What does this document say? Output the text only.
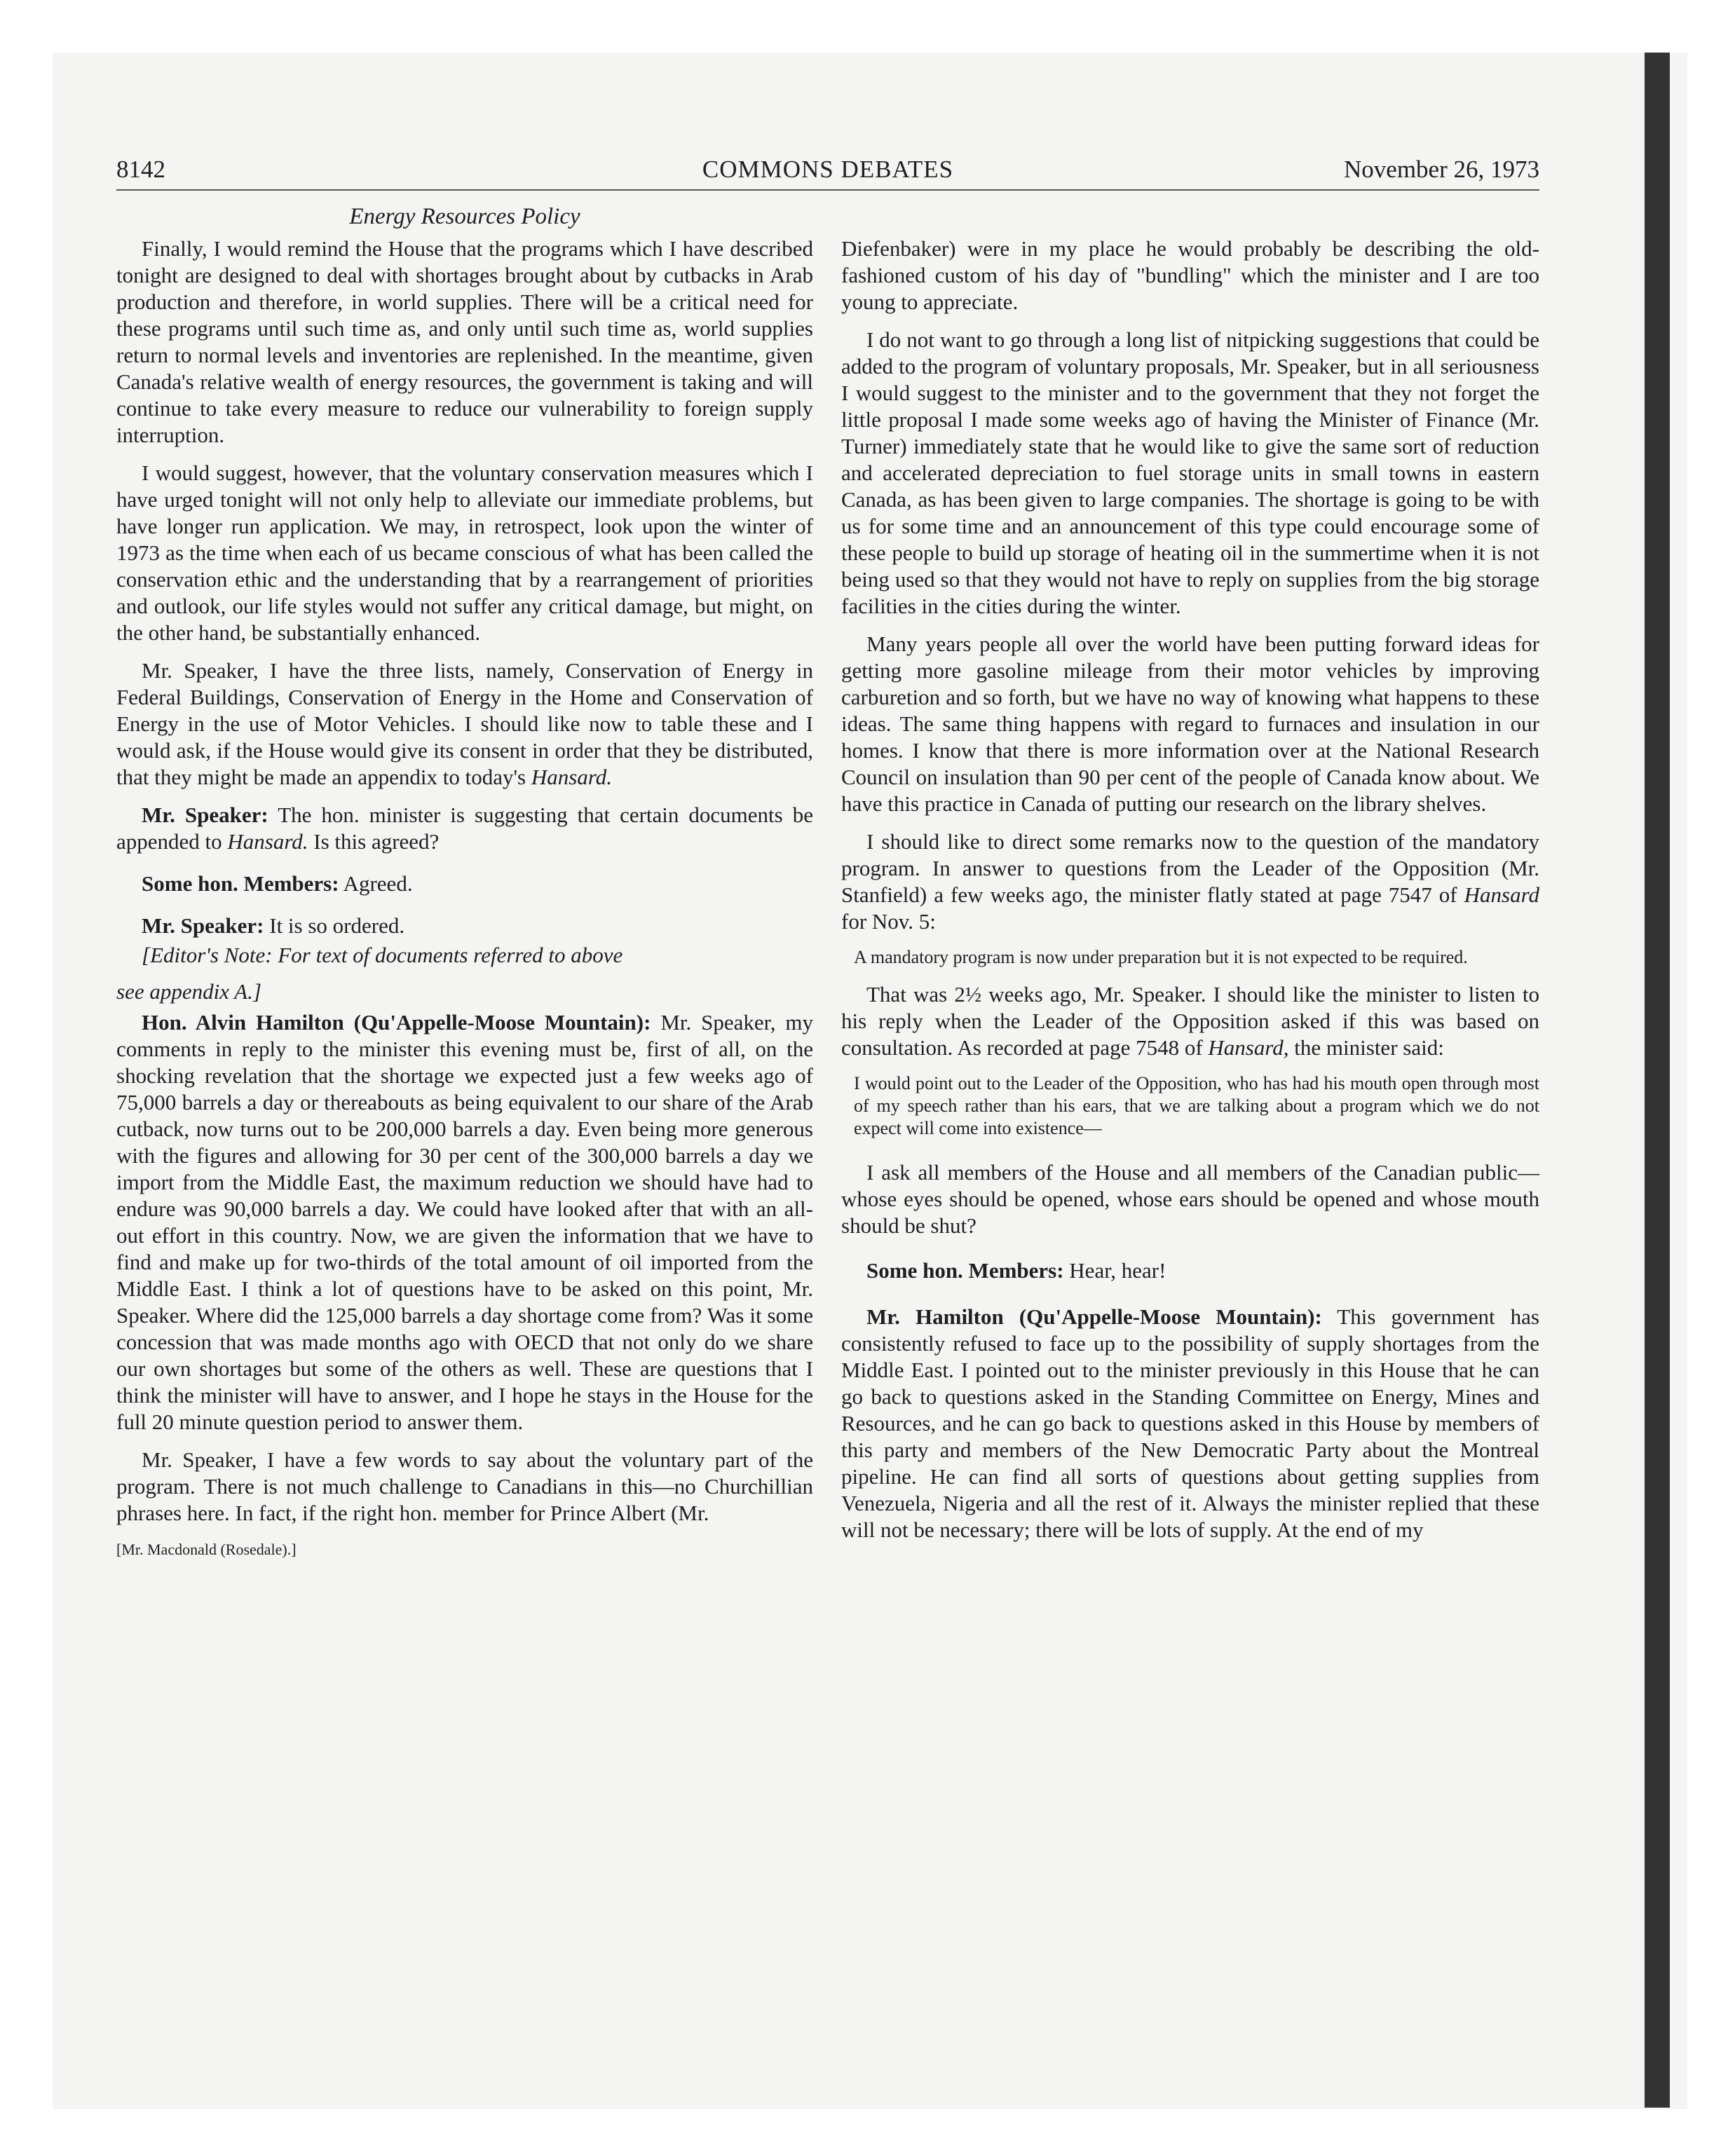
8142	COMMONS DEBATES	November 26, 1973
Energy Resources Policy

Finally, I would remind the House that the programs which I have described tonight are designed to deal with shortages brought about by cutbacks in Arab production and therefore, in world supplies. There will be a critical need for these programs until such time as, and only until such time as, world supplies return to normal levels and inventories are replenished. In the meantime, given Canada's relative wealth of energy resources, the government is taking and will continue to take every measure to reduce our vulnerability to foreign supply interruption.

I would suggest, however, that the voluntary conservation measures which I have urged tonight will not only help to alleviate our immediate problems, but have longer run application. We may, in retrospect, look upon the winter of 1973 as the time when each of us became conscious of what has been called the conservation ethic and the understanding that by a rearrangement of priorities and outlook, our life styles would not suffer any critical damage, but might, on the other hand, be substantially enhanced.

Mr. Speaker, I have the three lists, namely, Conservation of Energy in Federal Buildings, Conservation of Energy in the Home and Conservation of Energy in the use of Motor Vehicles. I should like now to table these and I would ask, if the House would give its consent in order that they be distributed, that they might be made an appendix to today's Hansard.

Mr. Speaker: The hon. minister is suggesting that certain documents be appended to Hansard. Is this agreed?

Some hon. Members: Agreed.

Mr. Speaker: It is so ordered.

[Editor's Note: For text of documents referred to above

see appendix A.]

Hon. Alvin Hamilton (Qu'Appelle-Moose Mountain): Mr. Speaker, my comments in reply to the minister this evening must be, first of all, on the shocking revelation that the shortage we expected just a few weeks ago of 75,000 barrels a day or thereabouts as being equivalent to our share of the Arab cutback, now turns out to be 200,000 barrels a day. Even being more generous with the figures and allowing for 30 per cent of the 300,000 barrels a day we import from the Middle East, the maximum reduction we should have had to endure was 90,000 barrels a day. We could have looked after that with an all-out effort in this country. Now, we are given the information that we have to find and make up for two-thirds of the total amount of oil imported from the Middle East. I think a lot of questions have to be asked on this point, Mr. Speaker. Where did the 125,000 barrels a day shortage come from? Was it some concession that was made months ago with OECD that not only do we share our own shortages but some of the others as well. These are questions that I think the minister will have to answer, and I hope he stays in the House for the full 20 minute question period to answer them.

Mr. Speaker, I have a few words to say about the voluntary part of the program. There is not much challenge to Canadians in this—no Churchillian phrases here. In fact, if the right hon. member for Prince Albert (Mr.

[Mr. Macdonald (Rosedale).]

Diefenbaker) were in my place he would probably be describing the old-fashioned custom of his day of "bundling" which the minister and I are too young to appreciate.

I do not want to go through a long list of nitpicking suggestions that could be added to the program of voluntary proposals, Mr. Speaker, but in all seriousness I would suggest to the minister and to the government that they not forget the little proposal I made some weeks ago of having the Minister of Finance (Mr. Turner) immediately state that he would like to give the same sort of reduction and accelerated depreciation to fuel storage units in small towns in eastern Canada, as has been given to large companies. The shortage is going to be with us for some time and an announcement of this type could encourage some of these people to build up storage of heating oil in the summertime when it is not being used so that they would not have to reply on supplies from the big storage facilities in the cities during the winter.

Many years people all over the world have been putting forward ideas for getting more gasoline mileage from their motor vehicles by improving carburetion and so forth, but we have no way of knowing what happens to these ideas. The same thing happens with regard to furnaces and insulation in our homes. I know that there is more information over at the National Research Council on insulation than 90 per cent of the people of Canada know about. We have this practice in Canada of putting our research on the library shelves.

I should like to direct some remarks now to the question of the mandatory program. In answer to questions from the Leader of the Opposition (Mr. Stanfield) a few weeks ago, the minister flatly stated at page 7547 of Hansard for Nov. 5:

A mandatory program is now under preparation but it is not expected to be required.

That was 2½ weeks ago, Mr. Speaker. I should like the minister to listen to his reply when the Leader of the Opposition asked if this was based on consultation. As recorded at page 7548 of Hansard, the minister said:

I would point out to the Leader of the Opposition, who has had his mouth open through most of my speech rather than his ears, that we are talking about a program which we do not expect will come into existence—

I ask all members of the House and all members of the Canadian public—whose eyes should be opened, whose ears should be opened and whose mouth should be shut?

Some hon. Members: Hear, hear!

Mr. Hamilton (Qu'Appelle-Moose Mountain): This government has consistently refused to face up to the possibility of supply shortages from the Middle East. I pointed out to the minister previously in this House that he can go back to questions asked in the Standing Committee on Energy, Mines and Resources, and he can go back to questions asked in this House by members of this party and members of the New Democratic Party about the Montreal pipeline. He can find all sorts of questions about getting supplies from Venezuela, Nigeria and all the rest of it. Always the minister replied that these will not be necessary; there will be lots of supply. At the end of my
